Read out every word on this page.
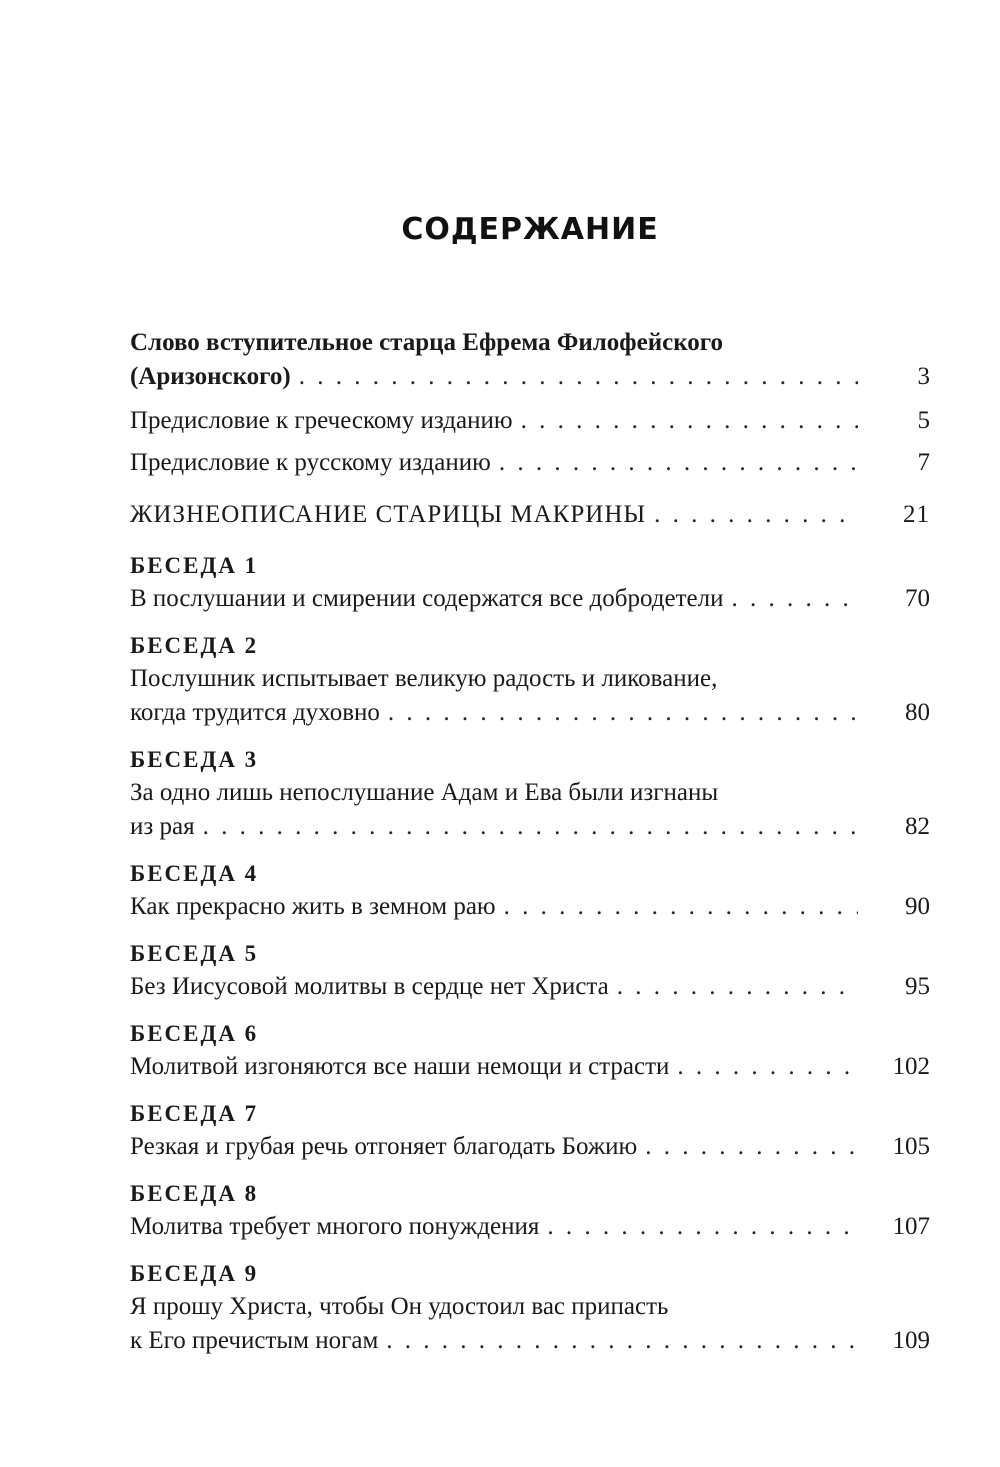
СОДЕРЖАНИЕ
Слово вступительное старца Ефрема Филофейского
(Аризонского) . . .	3
Предисловие к греческому изданию . . .	5
Предисловие к русскому изданию . . .	7
ЖИЗНЕОПИСАНИЕ СТАРИЦЫ МАКРИНЫ . . .	21
БЕСЕДА 1
В послушании и смирении содержатся все добродетели . . .	70
БЕСЕДА 2
Послушник испытывает великую радость и ликование,
когда трудится духовно . . .	80
БЕСЕДА 3
За одно лишь непослушание Адам и Ева были изгнаны
из рая . . .	82
БЕСЕДА 4
Как прекрасно жить в земном раю . . .	90
БЕСЕДА 5
Без Иисусовой молитвы в сердце нет Христа . . .	95
БЕСЕДА 6
Молитвой изгоняются все наши немощи и страсти . . .	102
БЕСЕДА 7
Резкая и грубая речь отгоняет благодать Божию . . .	105
БЕСЕДА 8
Молитва требует многого понуждения . . .	107
БЕСЕДА 9
Я прошу Христа, чтобы Он удостоил вас припасть
к Его пречистым ногам . . .	109
